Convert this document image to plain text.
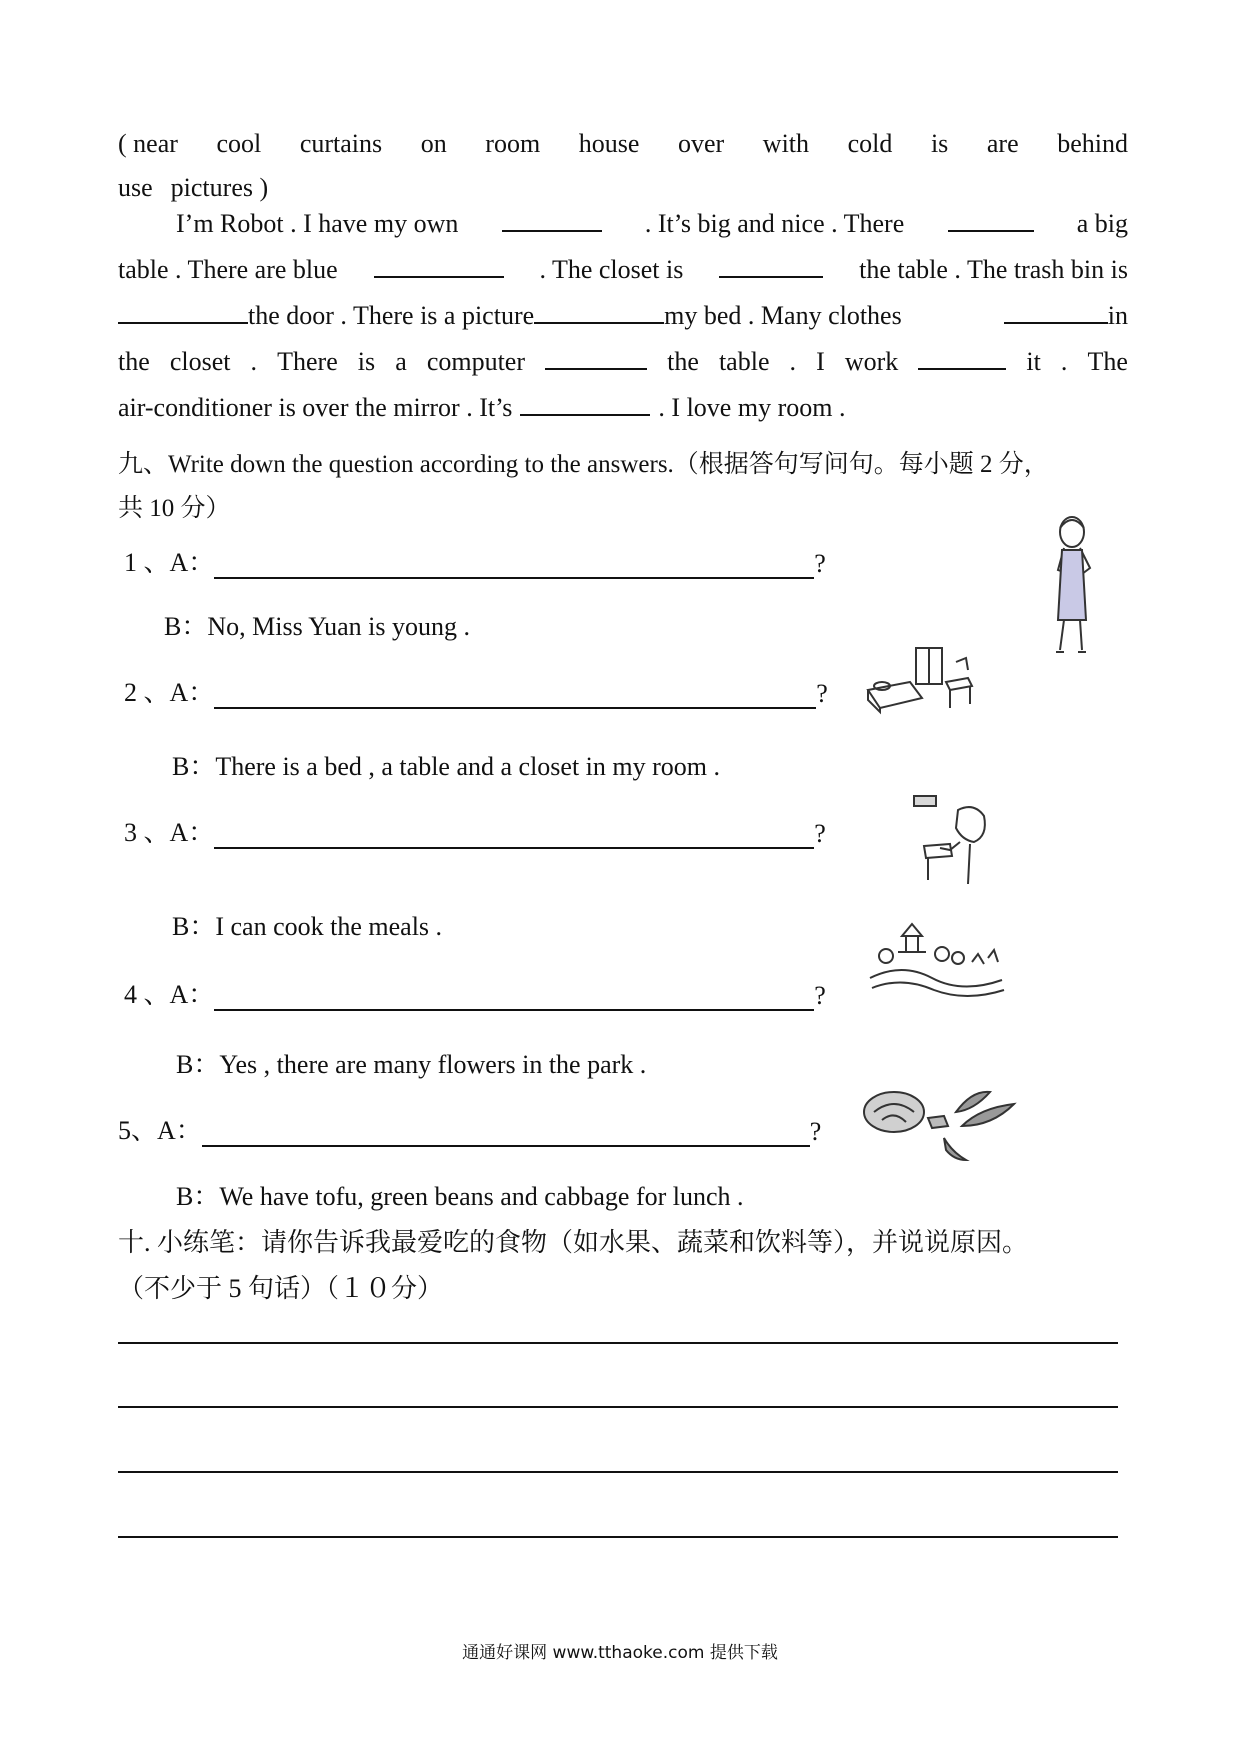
( near cool curtains on room house over with cold is are behind
use pictures )
I’m Robot . I have my own	. It’s big and nice . There	a big
table . There are blue	. The closet is	the table . The trash bin is
the door . There is a picture	my bed . Many clothes	in
the closet . There is a computer	the table . I work	it . The
air-conditioner is over the mirror . It’s	. I love my room .
九、Write down the question according to the answers.（根据答句写问句。每小题 2 分，
共 10 分）
1 、A：	?
B：No, Miss Yuan is young .
2 、A：	?
B：There is a bed , a table and a closet in my room .
3 、A：	?
B：I can cook the meals .
4 、A：	?
B：Yes , there are many flowers in the park .
5、A：	?
B：We have tofu, green beans and cabbage for lunch .
十. 小练笔：请你告诉我最爱吃的食物（如水果、蔬菜和饮料等），并说说原因。
（不少于 5 句话）（１０分）
通通好课网 www.tthaoke.com 提供下载
